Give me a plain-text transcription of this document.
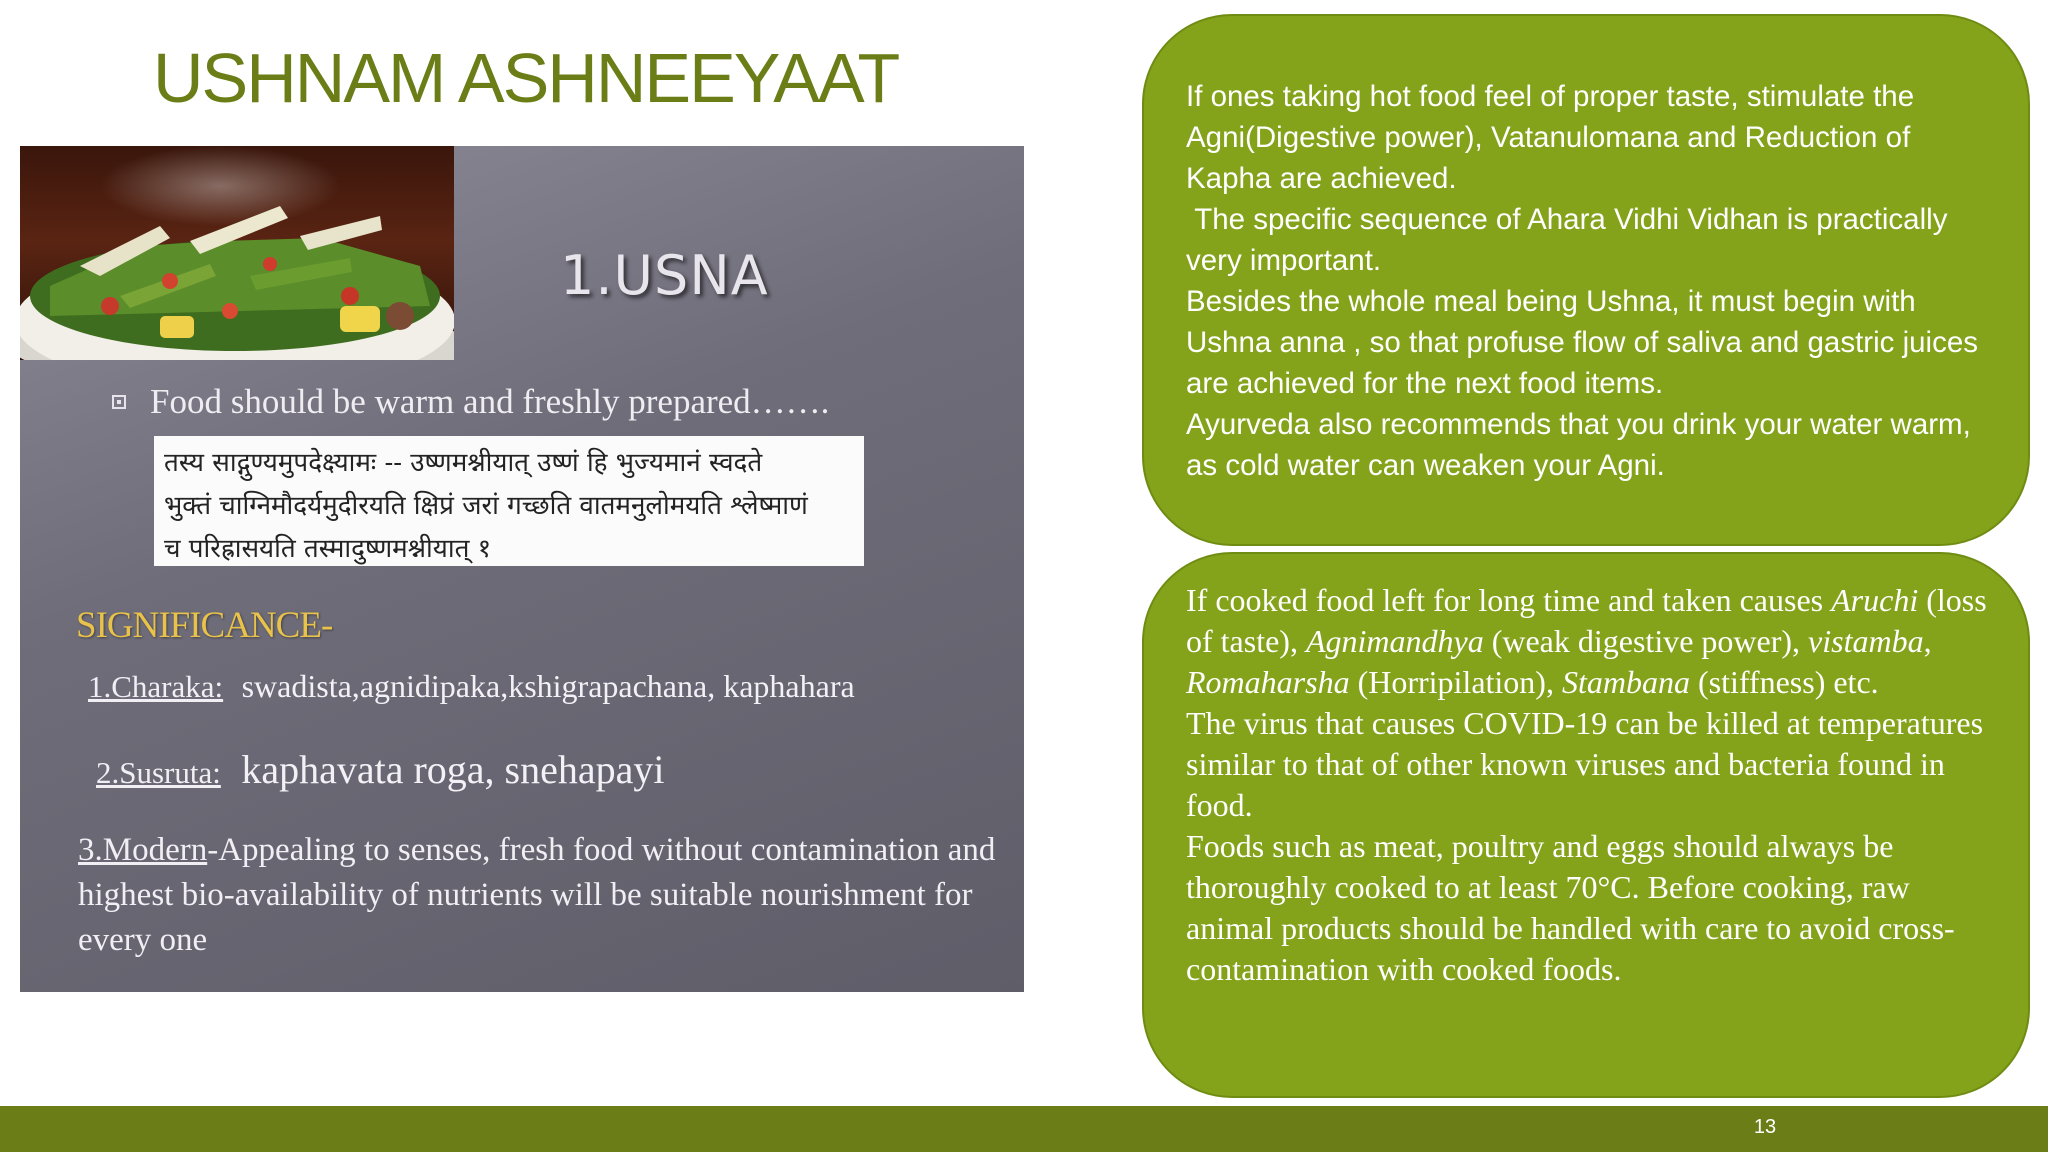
USHNAM ASHNEEYAAT
1.USNA
Food should be warm and freshly prepared…….
तस्य साद्गुण्यमुपदेक्ष्यामः -- उष्णमश्नीयात् उष्णं हि भुज्यमानं स्वदते
भुक्तं चाग्निमौदर्यमुदीरयति क्षिप्रं जरां गच्छति वातमनुलोमयति श्लेष्माणं
च परिह्रासयति तस्मादुष्णमश्नीयात् १
SIGNIFICANCE-
1.Charaka: swadista,agnidipaka,kshigrapachana, kaphahara
2.Susruta: kaphavata roga, snehapayi
3.Modern-Appealing to senses, fresh food without contamination and highest bio-availability of nutrients will be suitable nourishment for every one

If ones taking hot food feel of proper taste, stimulate the Agni(Digestive power), Vatanulomana and Reduction of Kapha are achieved.

The specific sequence of Ahara Vidhi Vidhan is practically very important.

Besides the whole meal being Ushna, it must begin with Ushna anna , so that profuse flow of saliva and gastric juices are achieved for the next food items.

Ayurveda also recommends that you drink your water warm, as cold water can weaken your Agni.

If cooked food left for long time and taken causes Aruchi (loss of taste), Agnimandhya (weak digestive power), vistamba, Romaharsha (Horripilation), Stambana (stiffness) etc.

The virus that causes COVID-19 can be killed at temperatures similar to that of other known viruses and bacteria found in food.

Foods such as meat, poultry and eggs should always be thoroughly cooked to at least 70°C. Before cooking, raw animal products should be handled with care to avoid cross-contamination with cooked foods.

13
